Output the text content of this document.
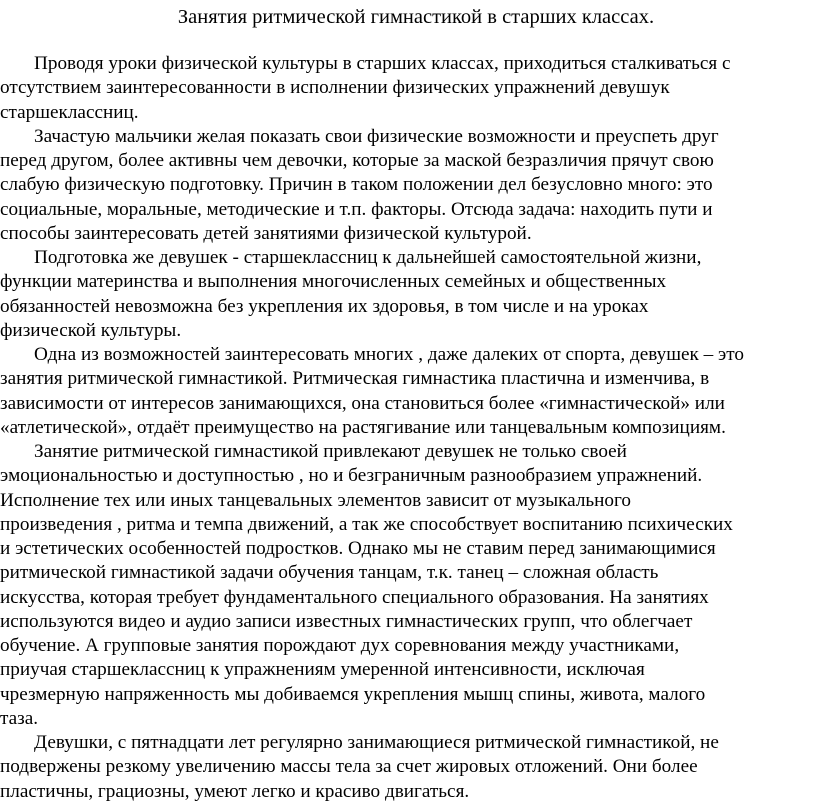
Занятия ритмической гимнастикой в старших классах.

Проводя уроки физической культуры в старших классах, приходиться сталкиваться с
отсутствием заинтересованности в исполнении физических упражнений девушук
старшеклассниц.

Зачастую мальчики желая показать свои физические возможности и преуспеть друг
перед другом, более активны чем девочки, которые за маской безразличия прячут свою
слабую физическую подготовку. Причин в таком положении дел безусловно много: это
социальные, моральные, методические и т.п. факторы. Отсюда задача: находить пути и
способы заинтересовать детей занятиями физической культурой.

Подготовка же девушек - старшеклассниц к дальнейшей самостоятельной жизни,
функции материнства и выполнения многочисленных семейных и общественных
обязанностей невозможна без укрепления их здоровья, в том числе и на уроках
физической культуры.

Одна из возможностей заинтересовать многих , даже далеких от спорта, девушек – это
занятия ритмической гимнастикой. Ритмическая гимнастика пластична и изменчива, в
зависимости от интересов занимающихся, она становиться более «гимнастической» или
«атлетической», отдаёт преимущество на растягивание или танцевальным композициям.

Занятие ритмической гимнастикой привлекают девушек не только своей
эмоциональностью и доступностью , но и безграничным разнообразием упражнений.
Исполнение тех или иных танцевальных элементов зависит от музыкального
произведения , ритма и темпа движений, а так же способствует воспитанию психических
и эстетических особенностей подростков. Однако мы не ставим перед занимающимися
ритмической гимнастикой задачи обучения танцам, т.к. танец – сложная область
искусства, которая требует фундаментального специального образования. На занятиях
используются видео и аудио записи известных гимнастических групп, что облегчает
обучение. А групповые занятия порождают дух соревнования между участниками,
приучая старшеклассниц к упражнениям умеренной интенсивности, исключая
чрезмерную напряженность мы добиваемся укрепления мышц спины, живота, малого
таза.

Девушки, с пятнадцати лет регулярно занимающиеся ритмической гимнастикой, не
подвержены резкому увеличению массы тела за счет жировых отложений. Они более
пластичны, грациозны, умеют легко и красиво двигаться.
